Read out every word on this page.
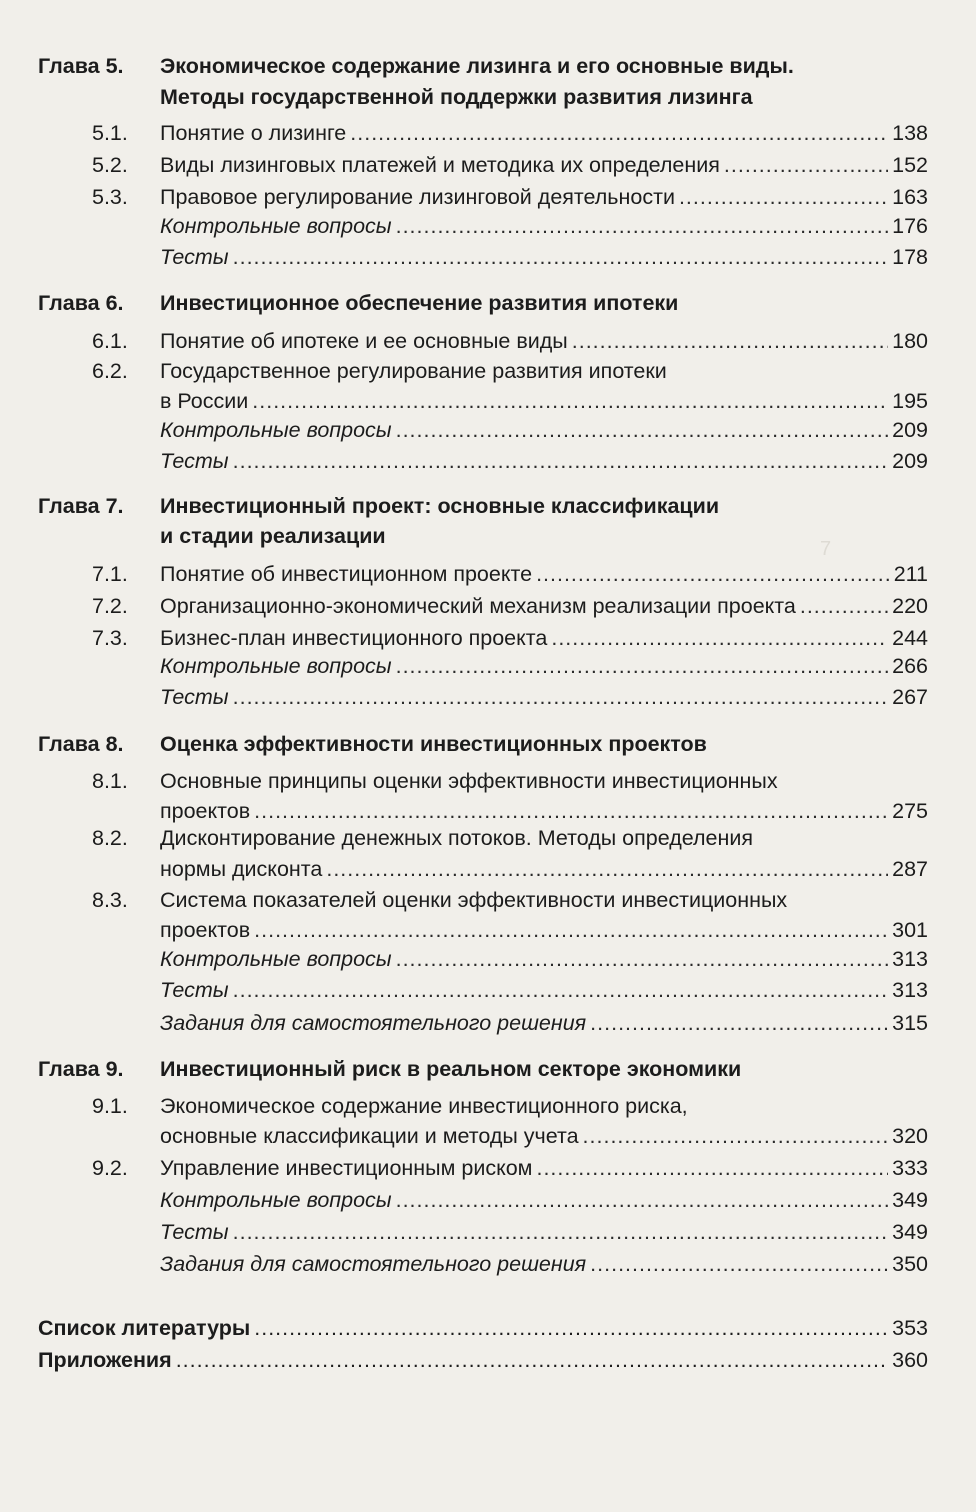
7
Глава 5. Экономическое содержание лизинга и его основные виды.
Методы государственной поддержки развития лизинга
5.1. Понятие о лизинге .....	138
5.2. Виды лизинговых платежей и методика их определения .....	152
5.3. Правовое регулирование лизинговой деятельности .....	163
Контрольные вопросы .....	176
Тесты .....	178
Глава 6. Инвестиционное обеспечение развития ипотеки
6.1. Понятие об ипотеке и ее основные виды .....	180
6.2. Государственное регулирование развития ипотеки
в России .....	195
Контрольные вопросы .....	209
Тесты .....	209
Глава 7. Инвестиционный проект: основные классификации
и стадии реализации
7.1. Понятие об инвестиционном проекте .....	211
7.2. Организационно-экономический механизм реализации проекта .....	220
7.3. Бизнес-план инвестиционного проекта .....	244
Контрольные вопросы .....	266
Тесты .....	267
Глава 8. Оценка эффективности инвестиционных проектов
8.1. Основные принципы оценки эффективности инвестиционных
проектов .....	275
8.2. Дисконтирование денежных потоков. Методы определения
нормы дисконта .....	287
8.3. Система показателей оценки эффективности инвестиционных
проектов .....	301
Контрольные вопросы .....	313
Тесты .....	313
Задания для самостоятельного решения .....	315
Глава 9. Инвестиционный риск в реальном секторе экономики
9.1. Экономическое содержание инвестиционного риска,
основные классификации и методы учета .....	320
9.2. Управление инвестиционным риском .....	333
Контрольные вопросы .....	349
Тесты .....	349
Задания для самостоятельного решения .....	350
Список литературы .....	353
Приложения .....	360
